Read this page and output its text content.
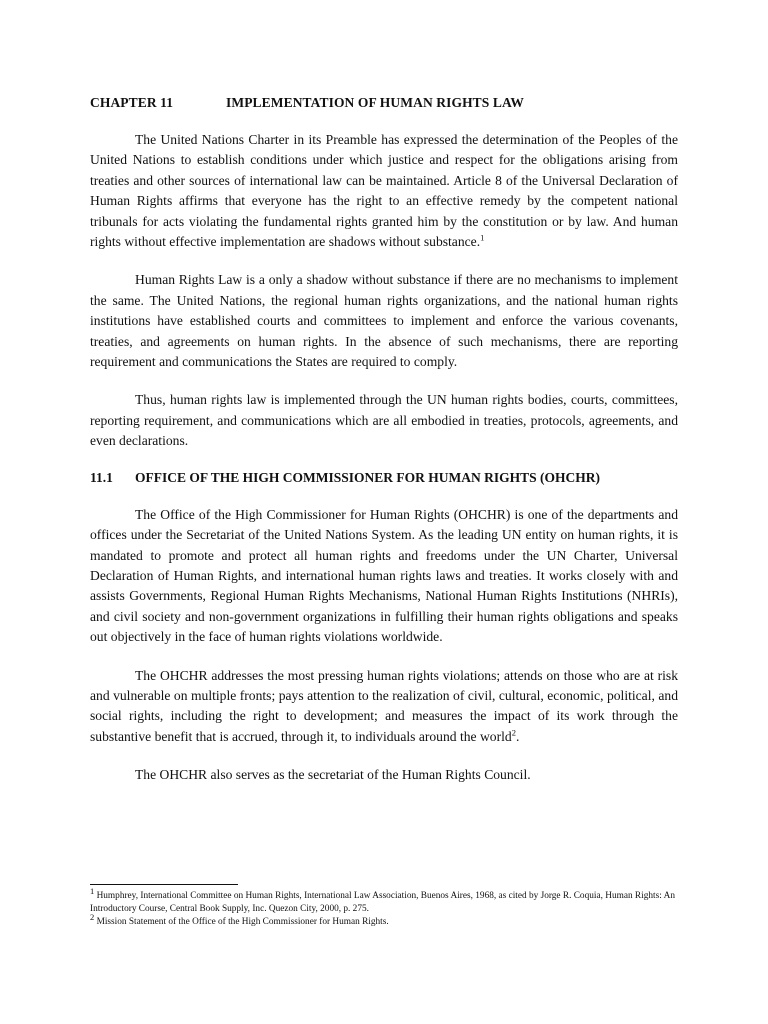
CHAPTER 11	IMPLEMENTATION OF HUMAN RIGHTS LAW

The United Nations Charter in its Preamble has expressed the determination of the Peoples of the United Nations to establish conditions under which justice and respect for the obligations arising from treaties and other sources of international law can be maintained. Article 8 of the Universal Declaration of Human Rights affirms that everyone has the right to an effective remedy by the competent national tribunals for acts violating the fundamental rights granted him by the constitution or by law. And human rights without effective implementation are shadows without substance.$^1$

Human Rights Law is a only a shadow without substance if there are no mechanisms to implement the same. The United Nations, the regional human rights organizations, and the national human rights institutions have established courts and committees to implement and enforce the various covenants, treaties, and agreements on human rights. In the absence of such mechanisms, there are reporting requirement and communications the States are required to comply.

Thus, human rights law is implemented through the UN human rights bodies, courts, committees, reporting requirement, and communications which are all embodied in treaties, protocols, agreements, and even declarations.

11.1 OFFICE OF THE HIGH COMMISSIONER FOR HUMAN RIGHTS (OHCHR)

The Office of the High Commissioner for Human Rights (OHCHR) is one of the departments and offices under the Secretariat of the United Nations System. As the leading UN entity on human rights, it is mandated to promote and protect all human rights and freedoms under the UN Charter, Universal Declaration of Human Rights, and international human rights laws and treaties. It works closely with and assists Governments, Regional Human Rights Mechanisms, National Human Rights Institutions (NHRIs), and civil society and non-government organizations in fulfilling their human rights obligations and speaks out objectively in the face of human rights violations worldwide.

The OHCHR addresses the most pressing human rights violations; attends on those who are at risk and vulnerable on multiple fronts; pays attention to the realization of civil, cultural, economic, political, and social rights, including the right to development; and measures the impact of its work through the substantive benefit that is accrued, through it, to individuals around the world$^2$.

The OHCHR also serves as the secretariat of the Human Rights Council.

$^1$ Humphrey, International Committee on Human Rights, International Law Association, Buenos Aires, 1968, as cited by Jorge R. Coquia, Human Rights: An Introductory Course, Central Book Supply, Inc. Quezon City, 2000, p. 275.

$^2$ Mission Statement of the Office of the High Commissioner for Human Rights.
